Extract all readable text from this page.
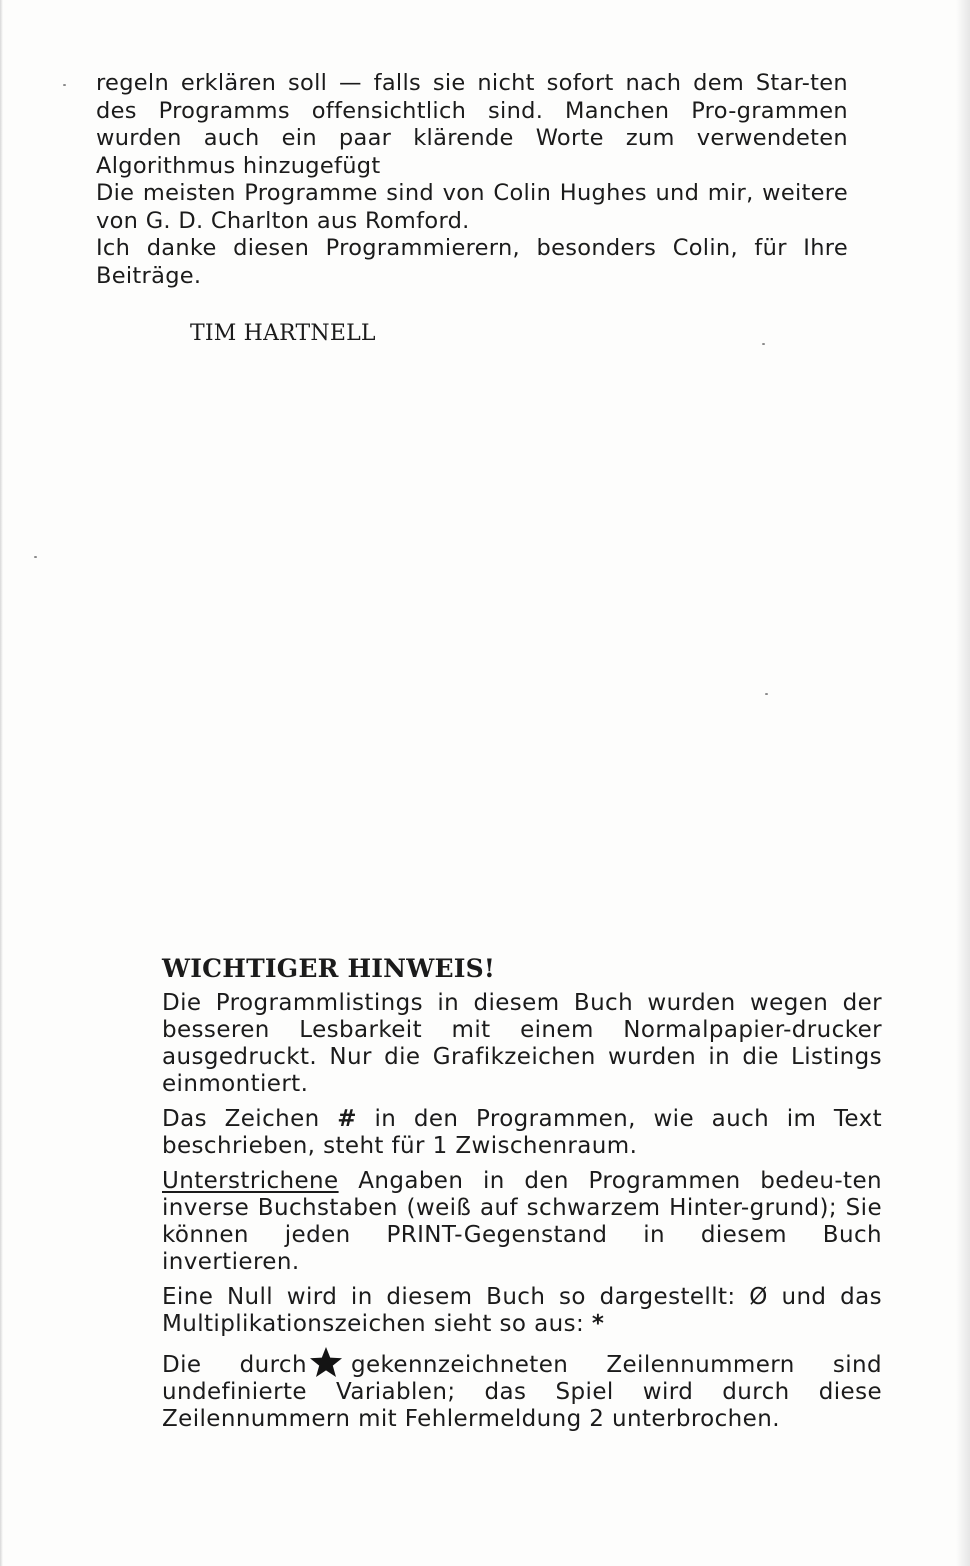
regeln erklären soll — falls sie nicht sofort nach dem Star-ten des Programms offensichtlich sind. Manchen Pro-grammen wurden auch ein paar klärende Worte zum verwendeten Algorithmus hinzugefügt

Die meisten Programme sind von Colin Hughes und mir, weitere von G. D. Charlton aus Romford.

Ich danke diesen Programmierern, besonders Colin, für Ihre Beiträge.

TIM HARTNELL
WICHTIGER HINWEIS!

Die Programmlistings in diesem Buch wurden wegen der besseren Lesbarkeit mit einem Normalpapier-drucker ausgedruckt. Nur die Grafikzeichen wurden in die Listings einmontiert.

Das Zeichen # in den Programmen, wie auch im Text beschrieben, steht für 1 Zwischenraum.

Unterstrichene Angaben in den Programmen bedeu-ten inverse Buchstaben (weiß auf schwarzem Hinter-grund); Sie können jeden PRINT-Gegenstand in diesem Buch invertieren.

Eine Null wird in diesem Buch so dargestellt: Ø und das Multiplikationszeichen sieht so aus: *

Die durch gekennzeichneten Zeilennummern sind undefinierte Variablen; das Spiel wird durch diese Zeilennummern mit Fehlermeldung 2 unterbrochen.
